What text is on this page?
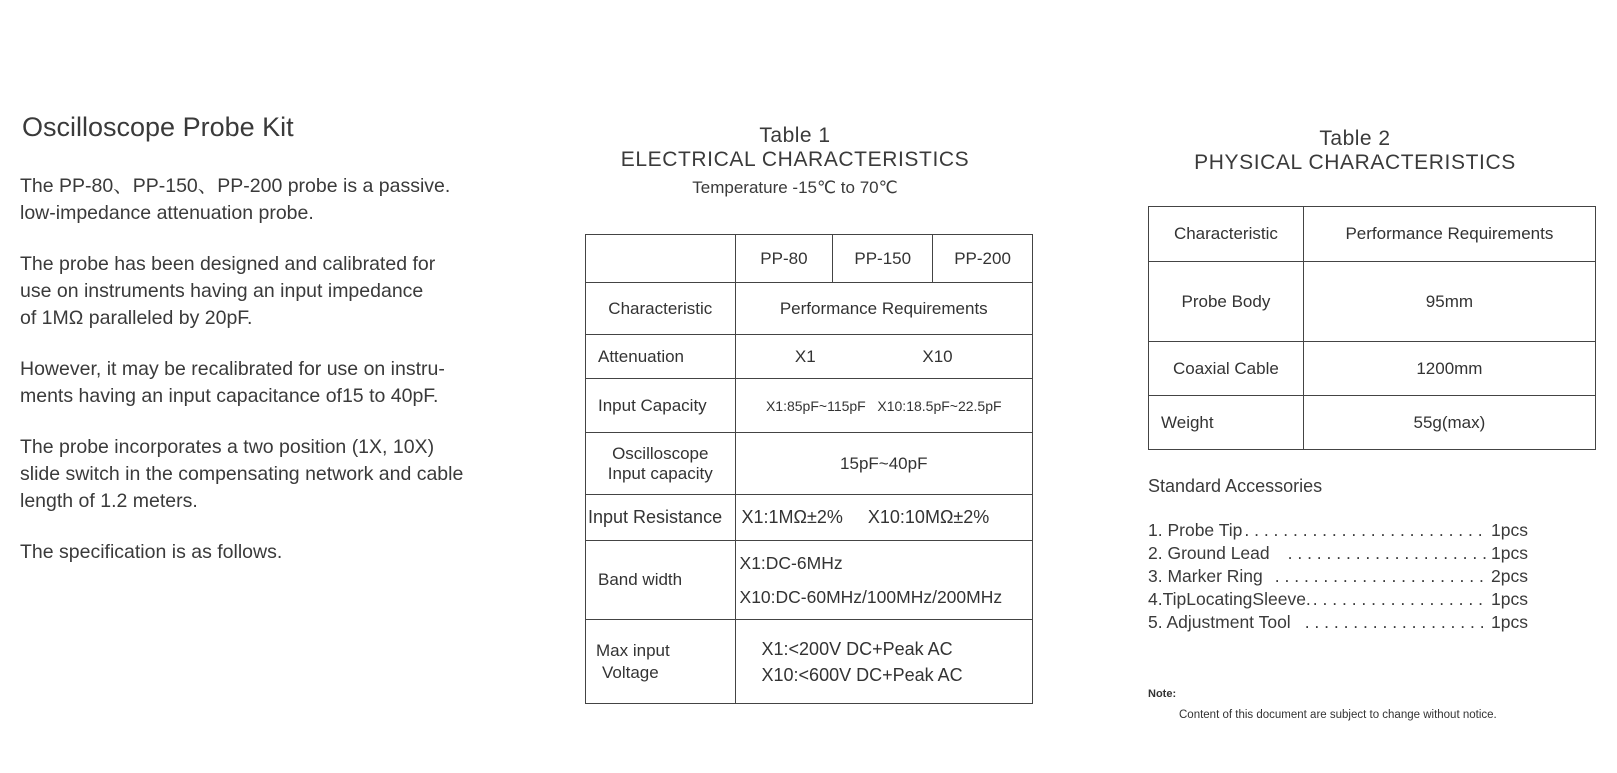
Oscilloscope Probe Kit

The PP-80、PP-150、PP-200 probe is a passive.
low-impedance attenuation probe.

The probe has been designed and calibrated for
use on instruments having an input impedance
of 1MΩ paralleled by 20pF.

However, it may be recalibrated for use on instru-
ments having an input capacitance of15 to 40pF.

The probe incorporates a two position (1X, 10X)
slide switch in the compensating network and cable
length of 1.2 meters.

The specification is as follows.

Table 1
ELECTRICAL CHARACTERISTICS
Temperature -15℃ to 70℃
	PP-80	PP-150	PP-200
Characteristic	Performance Requirements		
Attenuation	X1 X10		

Input Capacity	X1:85pF~115pF   X10:18.5pF~22.5pF		

Oscilloscope
Input capacity	15pF~40pF		
Input Resistance	X1:1MΩ±2%     X10:10MΩ±2%		
Band width	X1:DC-6MHz
X10:DC-60MHz/100MHz/200MHz		

Max input
Voltage	X1:<200V DC+Peak AC
X10:<600V DC+Peak AC		
Table 2
PHYSICAL CHARACTERISTICS
Characteristic	Performance Requirements
Probe Body	95mm
Coaxial Cable	1200mm
Weight	55g(max)
Standard Accessories
1. Probe Tip . . .	1pcs
2. Ground Lead . . .	1pcs
3. Marker Ring . . .	2pcs
4.TipLocatingSleeve. . . .	1pcs
5. Adjustment Tool . . .	1pcs
Note:
Content of this document are subject to change without notice.
